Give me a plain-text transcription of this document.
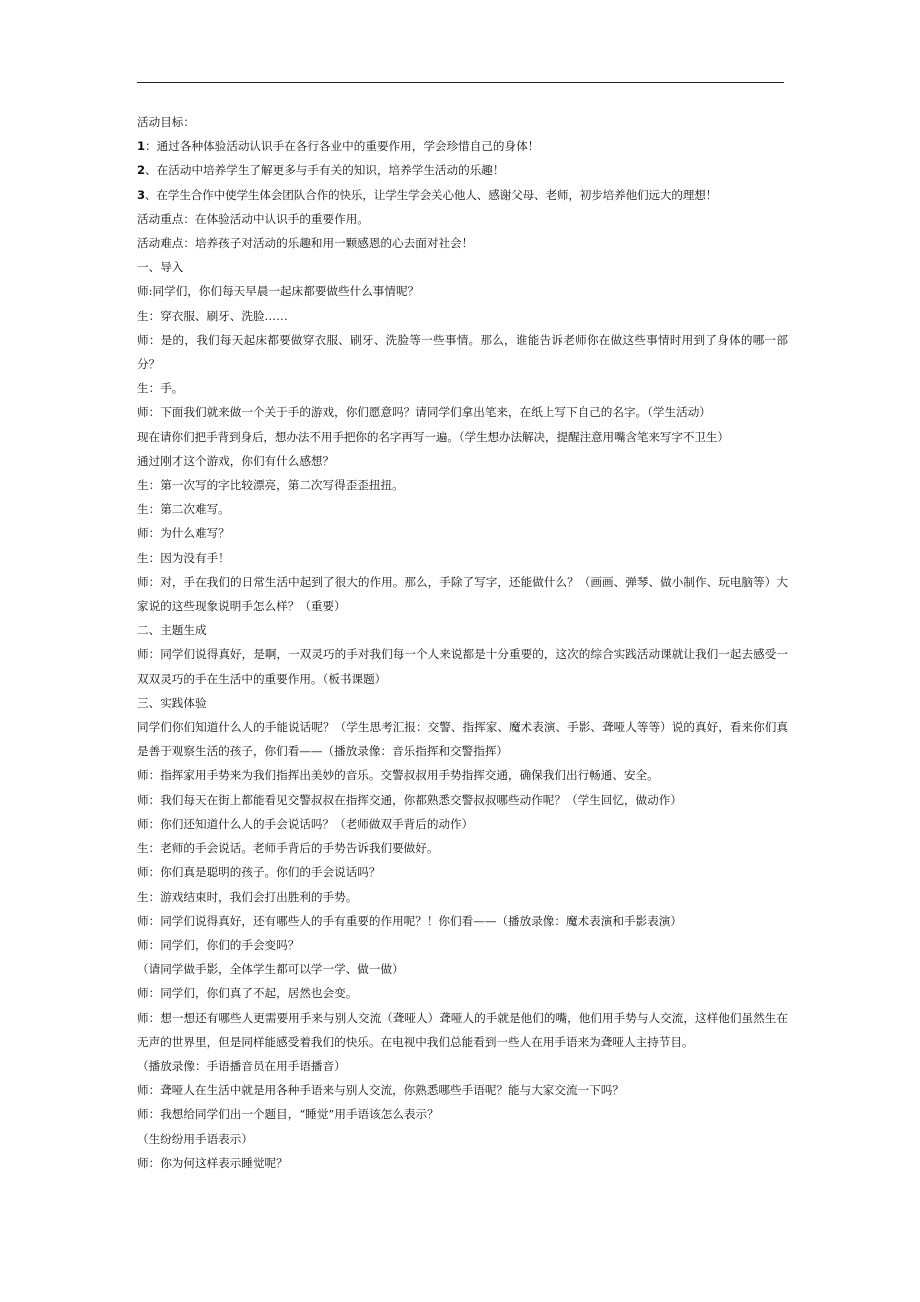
活动目标：

1：通过各种体验活动认识手在各行各业中的重要作用，学会珍惜自己的身体！

2、在活动中培养学生了解更多与手有关的知识，培养学生活动的乐趣！

3、在学生合作中使学生体会团队合作的快乐，让学生学会关心他人、感谢父母、老师，初步培养他们远大的理想！

活动重点：在体验活动中认识手的重要作用。

活动难点：培养孩子对活动的乐趣和用一颗感恩的心去面对社会！

一、导入

师:同学们，你们每天早晨一起床都要做些什么事情呢？

生：穿衣服、刷牙、洗脸……

师：是的，我们每天起床都要做穿衣服、刷牙、洗脸等一些事情。那么，谁能告诉老师你在做这些事情时用到了身体的哪一部分？

生：手。

师：下面我们就来做一个关于手的游戏，你们愿意吗？请同学们拿出笔来，在纸上写下自己的名字。（学生活动）

现在请你们把手背到身后，想办法不用手把你的名字再写一遍。（学生想办法解决，提醒注意用嘴含笔来写字不卫生）

通过刚才这个游戏，你们有什么感想？

生：第一次写的字比较漂亮，第二次写得歪歪扭扭。

生：第二次难写。

师：为什么难写？

生：因为没有手！

师：对，手在我们的日常生活中起到了很大的作用。那么，手除了写字，还能做什么？（画画、弹琴、做小制作、玩电脑等）大家说的这些现象说明手怎么样？（重要）

二、主题生成

师：同学们说得真好，是啊，一双灵巧的手对我们每一个人来说都是十分重要的，这次的综合实践活动课就让我们一起去感受一双双灵巧的手在生活中的重要作用。（板书课题）

三、实践体验

同学们你们知道什么人的手能说话呢？（学生思考汇报：交警、指挥家、魔术表演、手影、聋哑人等等）说的真好，看来你们真是善于观察生活的孩子，你们看——（播放录像：音乐指挥和交警指挥）

师：指挥家用手势来为我们指挥出美妙的音乐。交警叔叔用手势指挥交通，确保我们出行畅通、安全。

师：我们每天在街上都能看见交警叔叔在指挥交通，你都熟悉交警叔叔哪些动作呢？（学生回忆，做动作）

师：你们还知道什么人的手会说话吗？（老师做双手背后的动作）

生：老师的手会说话。老师手背后的手势告诉我们要做好。

师：你们真是聪明的孩子。你们的手会说话吗？

生：游戏结束时，我们会打出胜利的手势。

师：同学们说得真好，还有哪些人的手有重要的作用呢？！你们看——（播放录像：魔术表演和手影表演）

师：同学们，你们的手会变吗？

（请同学做手影，全体学生都可以学一学、做一做）

师：同学们，你们真了不起，居然也会变。

师：想一想还有哪些人更需要用手来与别人交流（聋哑人）聋哑人的手就是他们的嘴，他们用手势与人交流，这样他们虽然生在无声的世界里，但是同样能感受着我们的快乐。在电视中我们总能看到一些人在用手语来为聋哑人主持节目。

（播放录像：手语播音员在用手语播音）

师：聋哑人在生活中就是用各种手语来与别人交流，你熟悉哪些手语呢？能与大家交流一下吗？

师：我想给同学们出一个题目，“睡觉”用手语该怎么表示？

（生纷纷用手语表示）

师：你为何这样表示睡觉呢？
